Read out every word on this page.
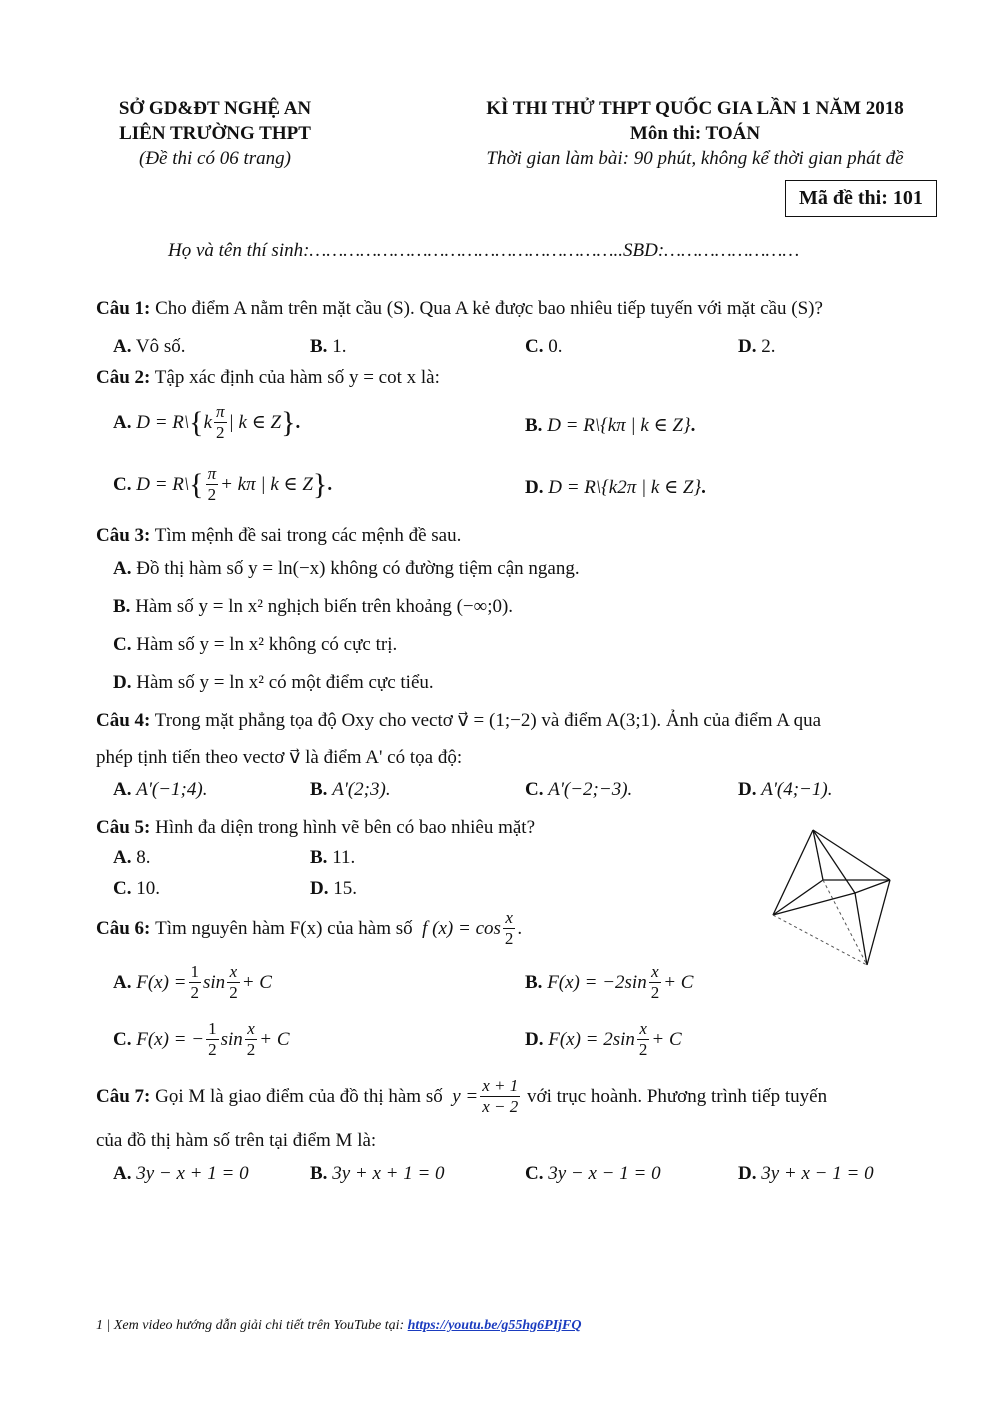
SỞ GD&ĐT NGHỆ AN
LIÊN TRƯỜNG THPT
(Đề thi có 06 trang)
KÌ THI THỬ THPT QUỐC GIA LẦN 1 NĂM 2018
Môn thi: TOÁN
Thời gian làm bài: 90 phút, không kể thời gian phát đề
Mã đề thi: 101
Họ và tên thí sinh:………………………………………………..SBD:……………………
Câu 1: Cho điểm A nằm trên mặt cầu (S). Qua A kẻ được bao nhiêu tiếp tuyến với mặt cầu (S)?
A. Vô số.	B. 1.	C. 0.	D. 2.
Câu 2: Tập xác định của hàm số y = cot x là:
A.
D = R\ { k $\frac{\pi}{2}$ | k ∈ Z } .	B. D = R\{kπ | k ∈ Z}.
C.
D = R\ { $\frac{\pi}{2} + k\pi$ | k ∈ Z } .	D. D = R\{k2π | k ∈ Z}.
Câu 3: Tìm mệnh đề sai trong các mệnh đề sau.
A. Đồ thị hàm số y = ln(−x) không có đường tiệm cận ngang.
B. Hàm số y = ln x² nghịch biến trên khoảng (−∞;0).
C. Hàm số y = ln x² không có cực trị.
D. Hàm số y = ln x² có một điểm cực tiểu.
Câu 4: Trong mặt phẳng tọa độ Oxy cho vectơ v⃗ = (1;−2) và điểm A(3;1). Ảnh của điểm A qua
phép tịnh tiến theo vectơ v⃗ là điểm A' có tọa độ:
A. A'(−1;4).	B. A'(2;3).	C. A'(−2;−3).	D. A'(4;−1).
Câu 5: Hình đa diện trong hình vẽ bên có bao nhiêu mặt?
A. 8.	B. 11.
C. 10.	D. 15.
Câu 6:
Tìm nguyên hàm F(x) của hàm số
f $(x) = \cos \frac{x}{2}$ .
A.
$F(x) = \frac{1}{2}$ $\sin \frac{x}{2} + C$	B.
$F(x) = -2\sin \frac{x}{2} + C$
C.
F(x) = − $\frac{1}{2}$ $\sin \frac{x}{2} + C$	D.
$F(x) = 2\sin \frac{x}{2} + C$
Câu 7:
Gọi M là giao điểm của đồ thị hàm số
$y = \frac{x + 1}{x - 2}$
với trục hoành. Phương trình tiếp tuyến
của đồ thị hàm số trên tại điểm M là:
A. 3y − x + 1 = 0	B. 3y + x + 1 = 0	C. 3y − x − 1 = 0	D. 3y + x − 1 = 0
1 | Xem video hướng dẫn giải chi tiết trên YouTube tại: https://youtu.be/g55hg6PIjFQ
